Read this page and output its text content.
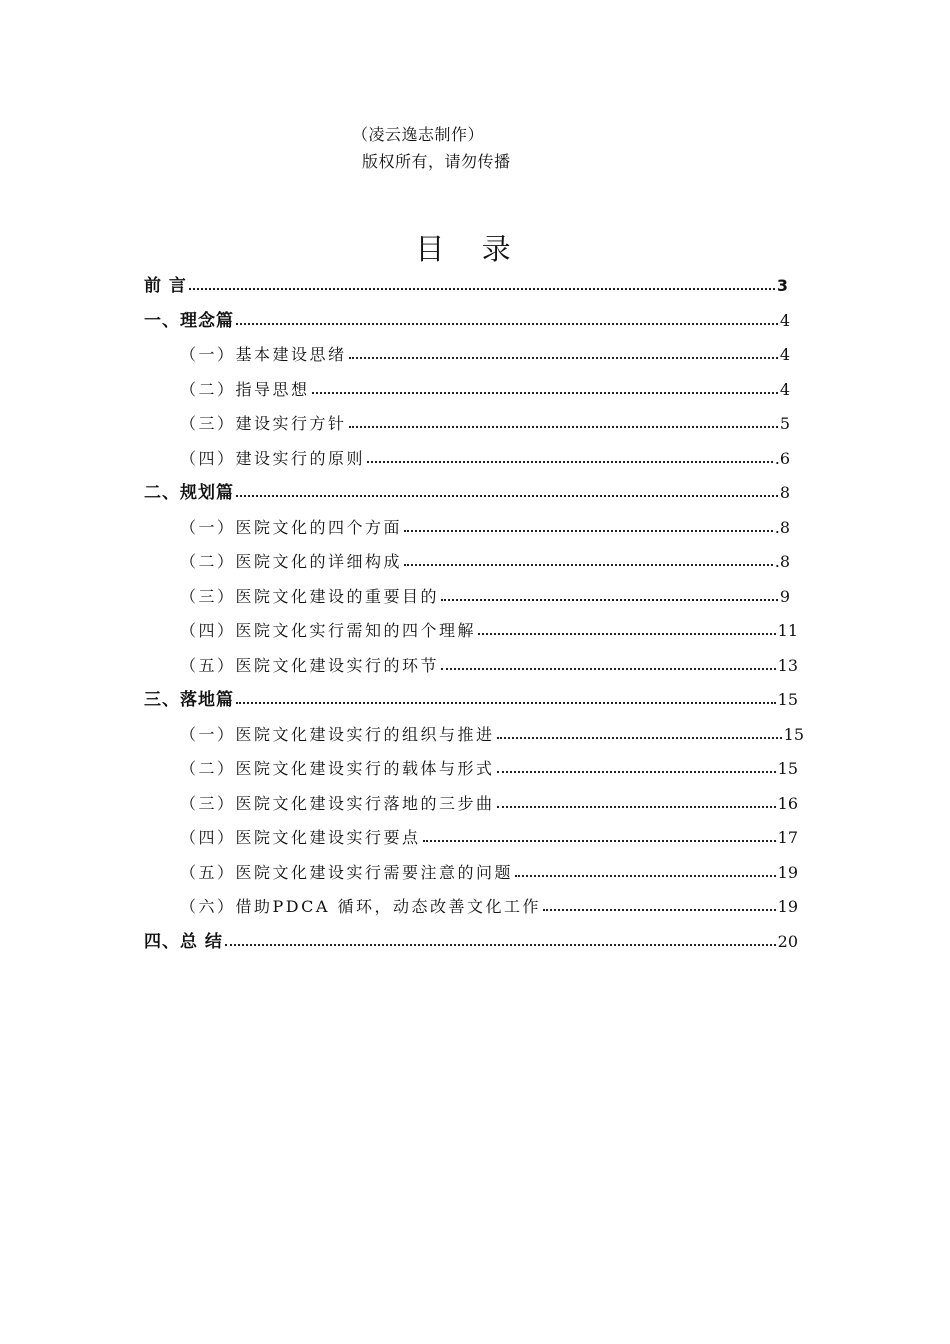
（凌云逸志制作）
版权所有，请勿传播
目 录
前 言	3
一、理念篇	4
（一）基本建设思绪	4
（二）指导思想	4
（三）建设实行方针	5
（四）建设实行的原则	.6
二、规划篇	8
（一）医院文化的四个方面	.8
（二）医院文化的详细构成	.8
（三）医院文化建设的重要目的	9
（四）医院文化实行需知的四个理解	11
（五）医院文化建设实行的环节	13
三、落地篇	15
（一）医院文化建设实行的组织与推进	15
（二）医院文化建设实行的载体与形式	15
（三）医院文化建设实行落地的三步曲	16
（四）医院文化建设实行要点	17
（五）医院文化建设实行需要注意的问题	19
（六）借助PDCA 循环，动态改善文化工作	19
四、总 结	20
